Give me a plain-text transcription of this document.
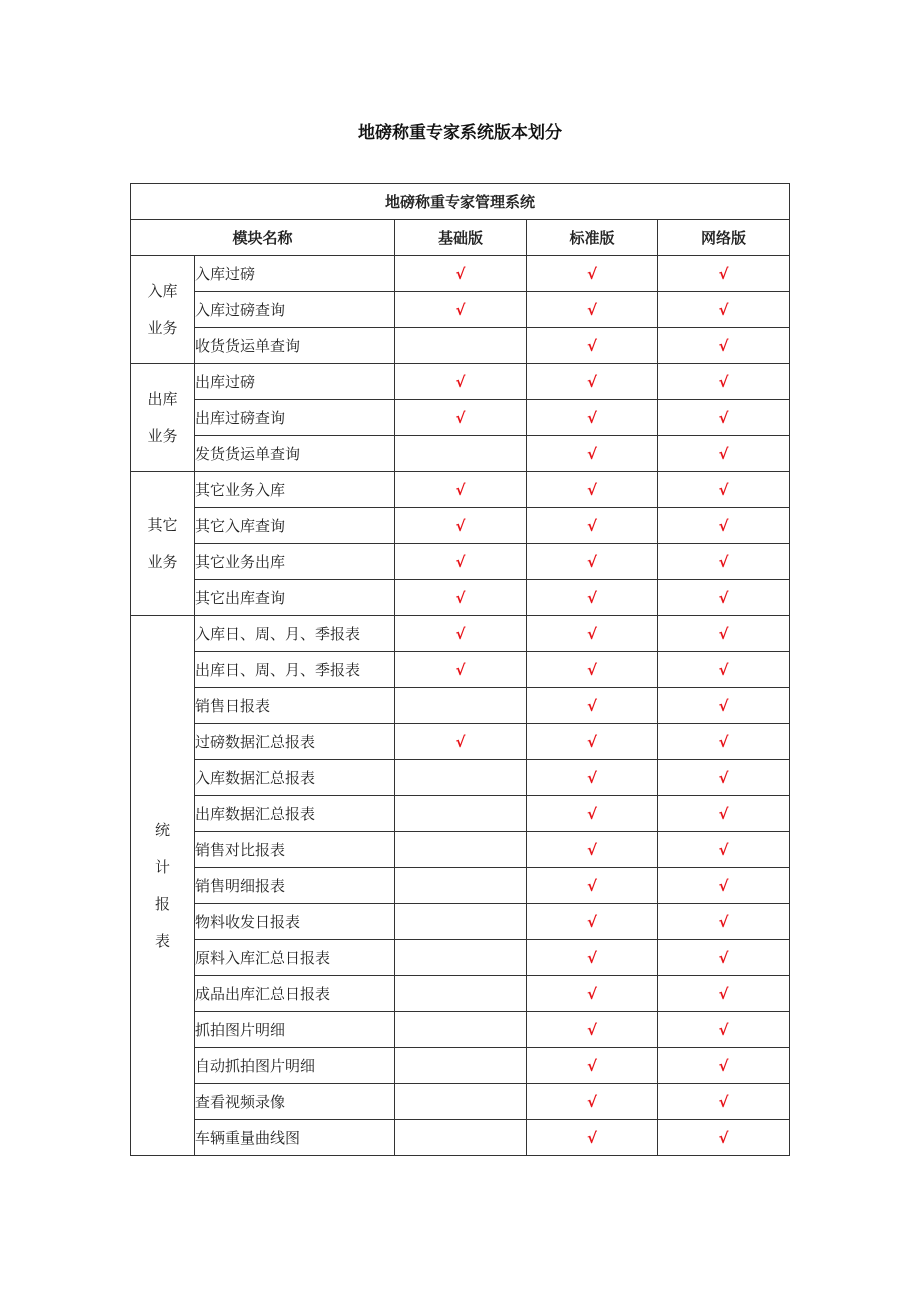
地磅称重专家系统版本划分
地磅称重专家管理系统				
模块名称		基础版	标准版	网络版

入库
业务	入库过磅	√	√	√
	入库过磅查询	√	√	√
	收货货运单查询		√	√

出库
业务	出库过磅	√	√	√
	出库过磅查询	√	√	√
	发货货运单查询		√	√

其它
业务	其它业务入库	√	√	√
	其它入库查询	√	√	√
	其它业务出库	√	√	√
	其它出库查询	√	√	√

统
计
报
表	入库日、周、月、季报表	√	√	√
	出库日、周、月、季报表	√	√	√
	销售日报表		√	√
	过磅数据汇总报表	√	√	√
	入库数据汇总报表		√	√
	出库数据汇总报表		√	√
	销售对比报表		√	√
	销售明细报表		√	√
	物料收发日报表		√	√
	原料入库汇总日报表		√	√
	成品出库汇总日报表		√	√
	抓拍图片明细		√	√
	自动抓拍图片明细		√	√
	查看视频录像		√	√
	车辆重量曲线图		√	√
